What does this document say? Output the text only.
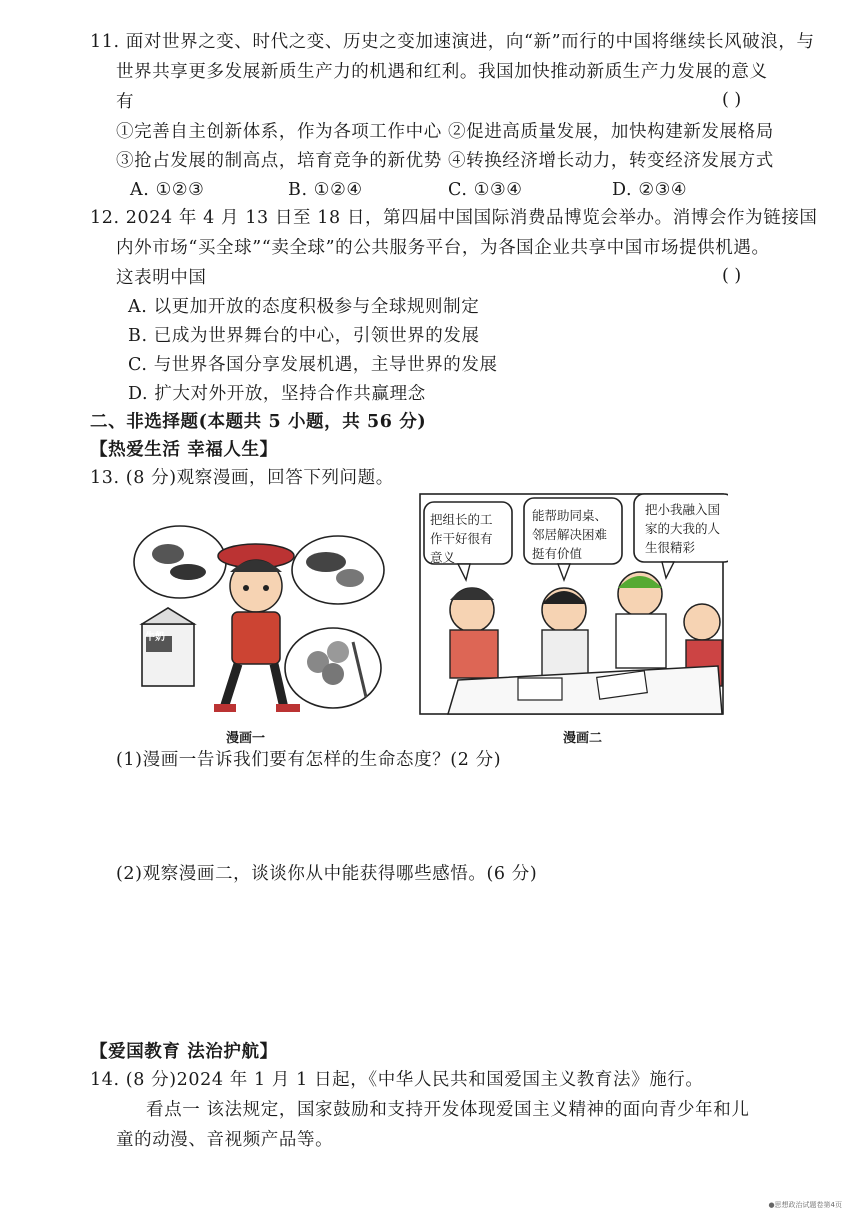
11. 面对世界之变、时代之变、历史之变加速演进，向“新”而行的中国将继续长风破浪，与
世界共享更多发展新质生产力的机遇和红利。我国加快推动新质生产力发展的意义
有	( )
①完善自主创新体系，作为各项工作中心 ②促进高质量发展，加快构建新发展格局
③抢占发展的制高点，培育竞争的新优势 ④转换经济增长动力，转变经济发展方式
A. ①②③	B. ①②④	C. ①③④	D. ②③④
12. 2024 年 4 月 13 日至 18 日，第四届中国国际消费品博览会举办。消博会作为链接国
内外市场“买全球”“卖全球”的公共服务平台，为各国企业共享中国市场提供机遇。
这表明中国	( )
A. 以更加开放的态度积极参与全球规则制定
B. 已成为世界舞台的中心，引领世界的发展
C. 与世界各国分享发展机遇，主导世界的发展
D. 扩大对外开放，坚持合作共赢理念
二、非选择题(本题共 5 小题，共 56 分)
【热爱生活 幸福人生】
13. (8 分)观察漫画，回答下列问题。
牛奶
把组长的工
作干好很有
意义
能帮助同桌、
邻居解决困难
挺有价值
把小我融入国
家的大我的人
生很精彩
漫画一	漫画二
(1)漫画一告诉我们要有怎样的生命态度？(2 分)
(2)观察漫画二，谈谈你从中能获得哪些感悟。(6 分)
【爱国教育 法治护航】
14. (8 分)2024 年 1 月 1 日起，《中华人民共和国爱国主义教育法》施行。
看点一 该法规定，国家鼓励和支持开发体现爱国主义精神的面向青少年和儿
童的动漫、音视频产品等。
●思想政治试题卷第4页
